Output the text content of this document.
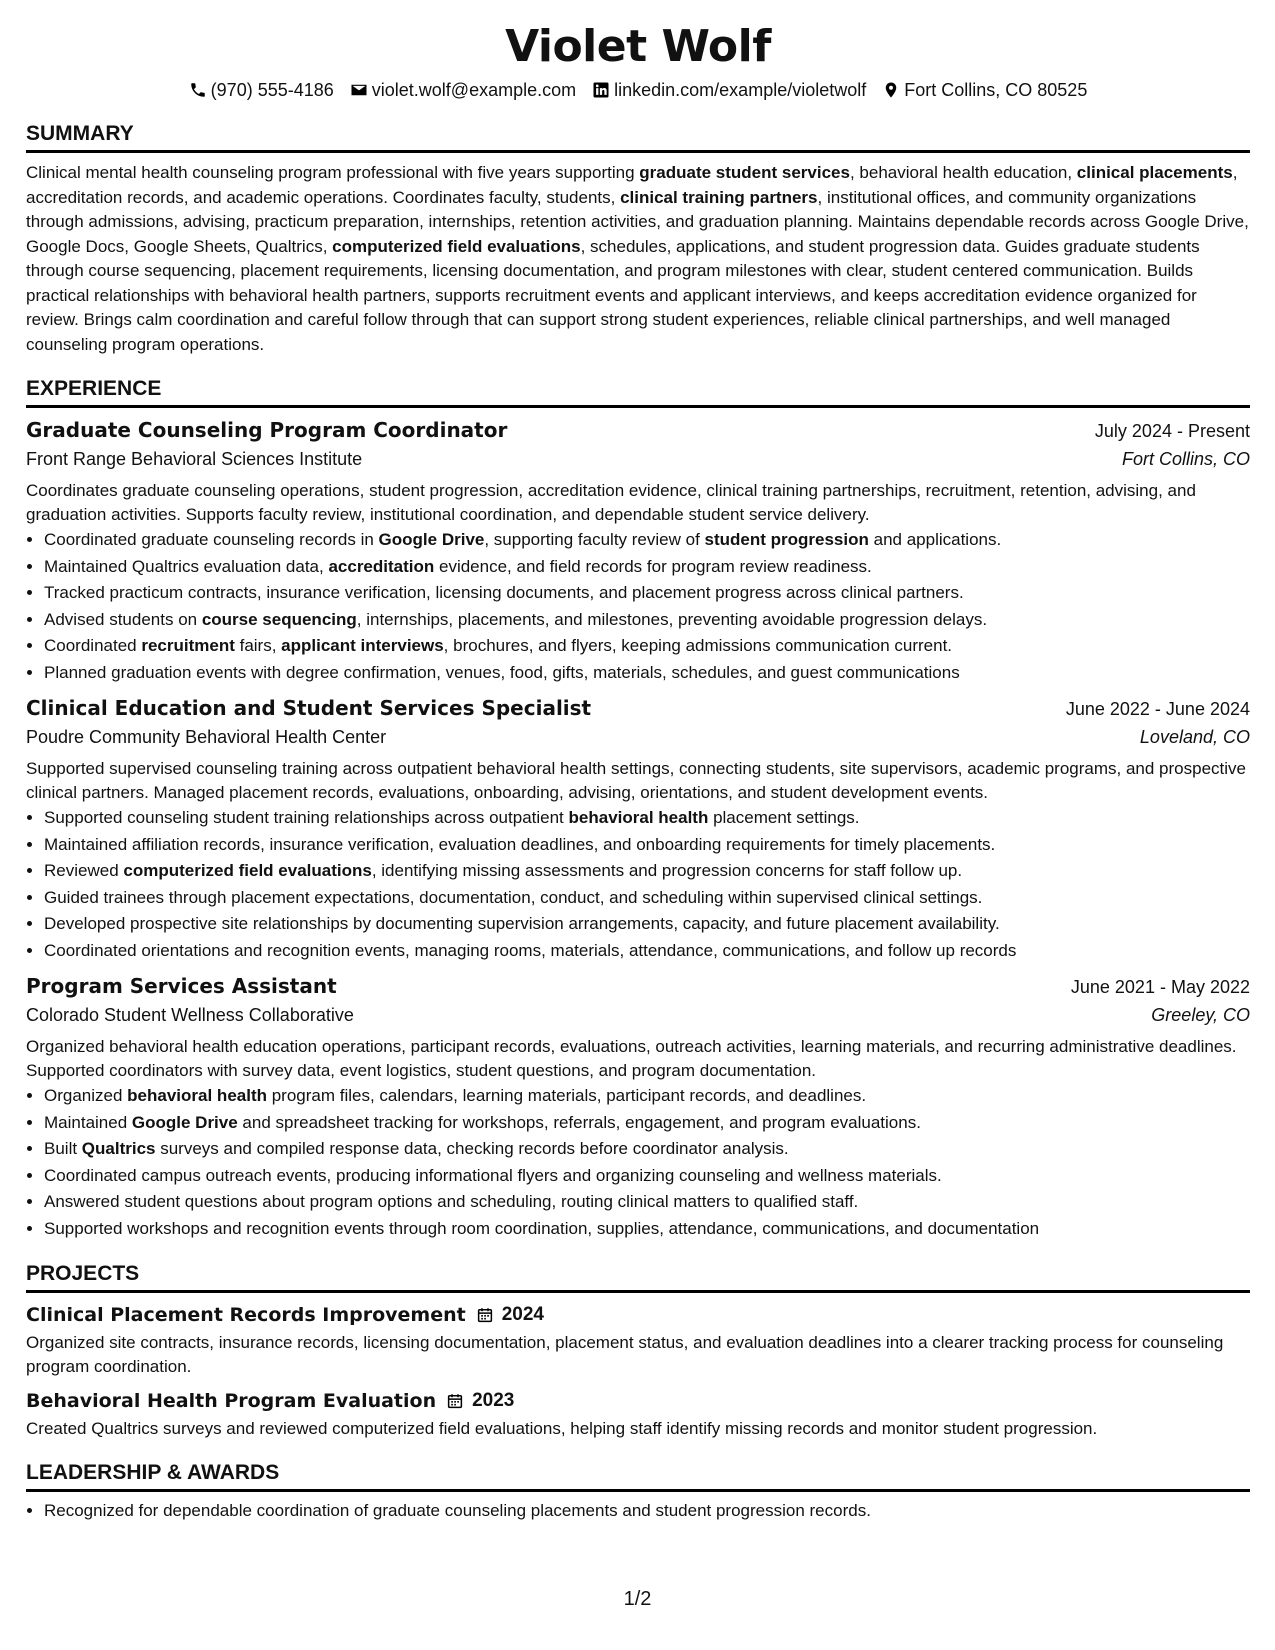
Violet Wolf
(970) 555-4186 violet.wolf@example.com linkedin.com/example/violetwolf Fort Collins, CO 80525
SUMMARY
Clinical mental health counseling program professional with five years supporting graduate student services, behavioral health education, clinical placements, accreditation records, and academic operations. Coordinates faculty, students, clinical training partners, institutional offices, and community organizations through admissions, advising, practicum preparation, internships, retention activities, and graduation planning. Maintains dependable records across Google Drive, Google Docs, Google Sheets, Qualtrics, computerized field evaluations, schedules, applications, and student progression data. Guides graduate students through course sequencing, placement requirements, licensing documentation, and program milestones with clear, student centered communication. Builds practical relationships with behavioral health partners, supports recruitment events and applicant interviews, and keeps accreditation evidence organized for review. Brings calm coordination and careful follow through that can support strong student experiences, reliable clinical partnerships, and well managed counseling program operations.
EXPERIENCE
Graduate Counseling Program Coordinator	July 2024 - Present
Front Range Behavioral Sciences Institute	Fort Collins, CO
Coordinates graduate counseling operations, student progression, accreditation evidence, clinical training partnerships, recruitment, retention, advising, and graduation activities. Supports faculty review, institutional coordination, and dependable student service delivery.
• Coordinated graduate counseling records in Google Drive, supporting faculty review of student progression and applications.
• Maintained Qualtrics evaluation data, accreditation evidence, and field records for program review readiness.
• Tracked practicum contracts, insurance verification, licensing documents, and placement progress across clinical partners.
• Advised students on course sequencing, internships, placements, and milestones, preventing avoidable progression delays.
• Coordinated recruitment fairs, applicant interviews, brochures, and flyers, keeping admissions communication current.
• Planned graduation events with degree confirmation, venues, food, gifts, materials, schedules, and guest communications
Clinical Education and Student Services Specialist	June 2022 - June 2024
Poudre Community Behavioral Health Center	Loveland, CO
Supported supervised counseling training across outpatient behavioral health settings, connecting students, site supervisors, academic programs, and prospective clinical partners. Managed placement records, evaluations, onboarding, advising, orientations, and student development events.
• Supported counseling student training relationships across outpatient behavioral health placement settings.
• Maintained affiliation records, insurance verification, evaluation deadlines, and onboarding requirements for timely placements.
• Reviewed computerized field evaluations, identifying missing assessments and progression concerns for staff follow up.
• Guided trainees through placement expectations, documentation, conduct, and scheduling within supervised clinical settings.
• Developed prospective site relationships by documenting supervision arrangements, capacity, and future placement availability.
• Coordinated orientations and recognition events, managing rooms, materials, attendance, communications, and follow up records
Program Services Assistant	June 2021 - May 2022
Colorado Student Wellness Collaborative	Greeley, CO
Organized behavioral health education operations, participant records, evaluations, outreach activities, learning materials, and recurring administrative deadlines. Supported coordinators with survey data, event logistics, student questions, and program documentation.
• Organized behavioral health program files, calendars, learning materials, participant records, and deadlines.
• Maintained Google Drive and spreadsheet tracking for workshops, referrals, engagement, and program evaluations.
• Built Qualtrics surveys and compiled response data, checking records before coordinator analysis.
• Coordinated campus outreach events, producing informational flyers and organizing counseling and wellness materials.
• Answered student questions about program options and scheduling, routing clinical matters to qualified staff.
• Supported workshops and recognition events through room coordination, supplies, attendance, communications, and documentation
PROJECTS
Clinical Placement Records Improvement 2024
Organized site contracts, insurance records, licensing documentation, placement status, and evaluation deadlines into a clearer tracking process for counseling program coordination.
Behavioral Health Program Evaluation 2023
Created Qualtrics surveys and reviewed computerized field evaluations, helping staff identify missing records and monitor student progression.
LEADERSHIP & AWARDS
• Recognized for dependable coordination of graduate counseling placements and student progression records.
1/2
